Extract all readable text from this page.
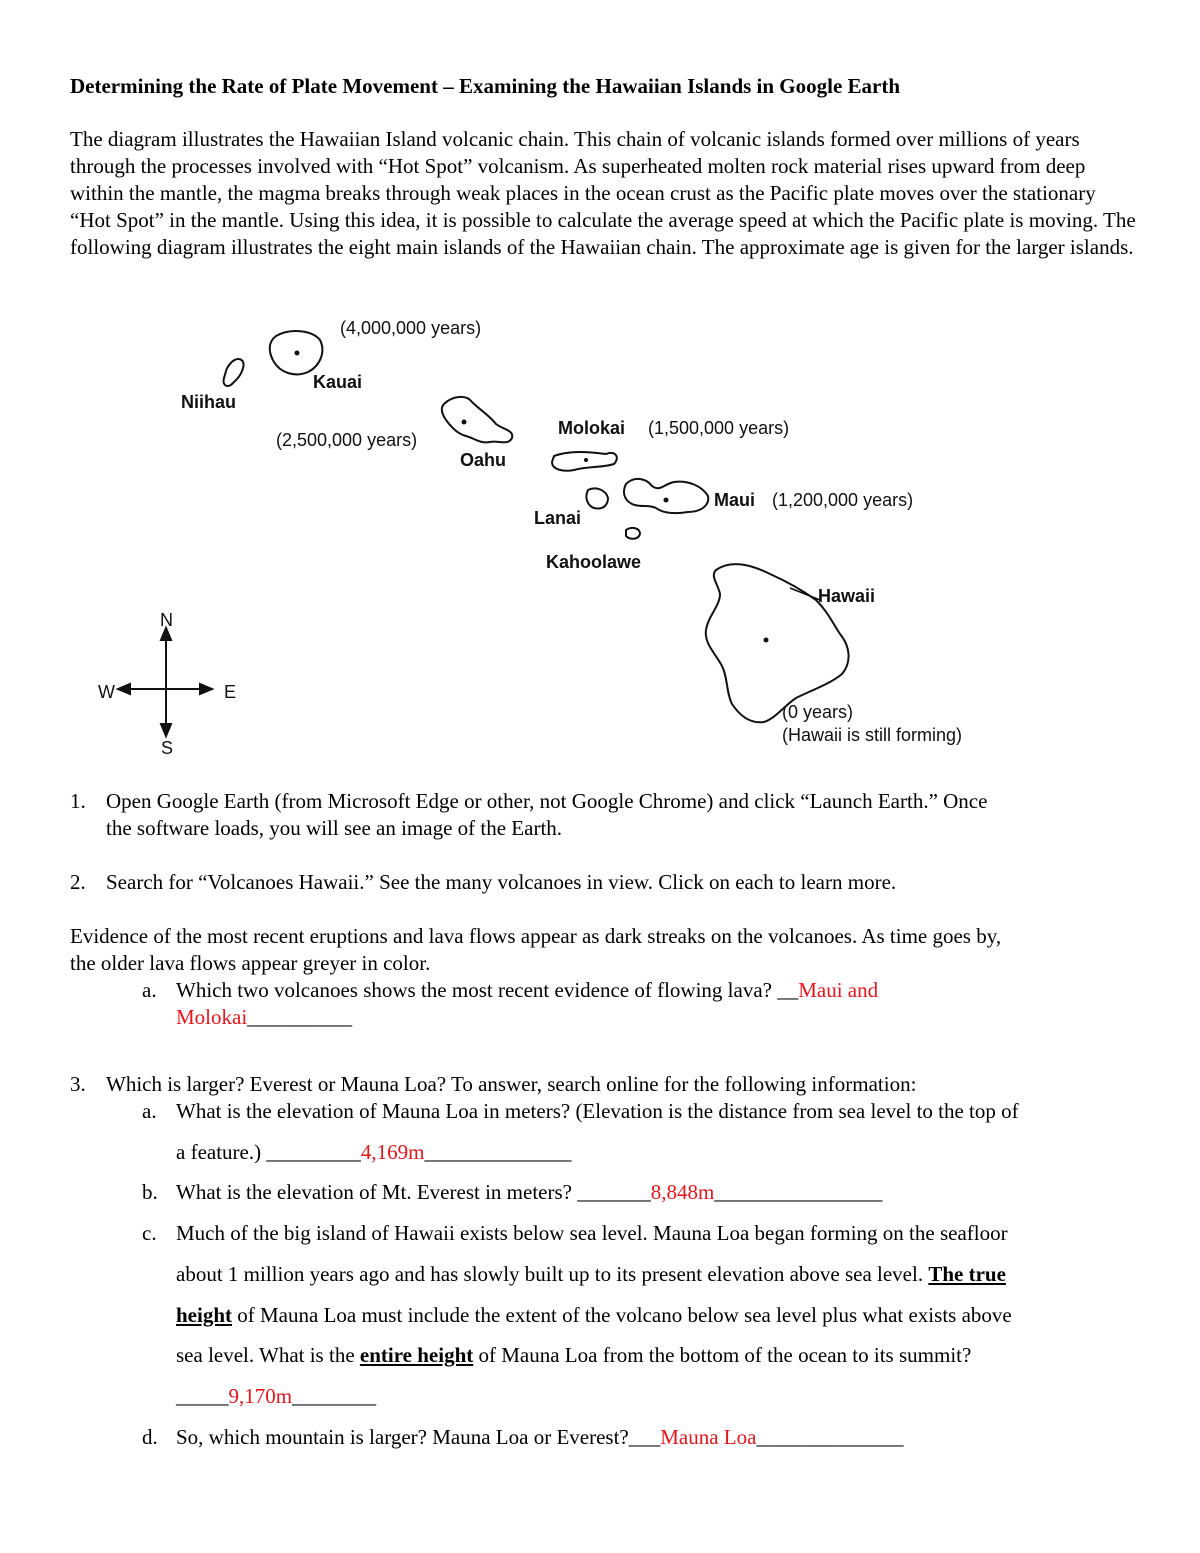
Determining the Rate of Plate Movement – Examining the Hawaiian Islands in Google Earth
The diagram illustrates the Hawaiian Island volcanic chain. This chain of volcanic islands formed over millions of years through the processes involved with “Hot Spot” volcanism. As superheated molten rock material rises upward from deep within the mantle, the magma breaks through weak places in the ocean crust as the Pacific plate moves over the stationary “Hot Spot” in the mantle. Using this idea, it is possible to calculate the average speed at which the Pacific plate is moving. The following diagram illustrates the eight main islands of the Hawaiian chain. The approximate age is given for the larger islands.
(4,000,000 years)
Kauai
Niihau
(2,500,000 years)
Oahu
Molokai (1,500,000 years)
Lanai
Maui (1,200,000 years)
Kahoolawe
Hawaii
(0 years)
(Hawaii is still forming)
N
S
E
W
1. Open Google Earth (from Microsoft Edge or other, not Google Chrome) and click “Launch Earth.” Once
the software loads, you will see an image of the Earth.
2. Search for “Volcanoes Hawaii.” See the many volcanoes in view. Click on each to learn more.
Evidence of the most recent eruptions and lava flows appear as dark streaks on the volcanoes. As time goes by,
the older lava flows appear greyer in color.
a. Which two volcanoes shows the most recent evidence of flowing lava? __Maui and
Molokai__________
3. Which is larger? Everest or Mauna Loa? To answer, search online for the following information:
a. What is the elevation of Mauna Loa in meters? (Elevation is the distance from sea level to the top of
a feature.) _________4,169m______________
b. What is the elevation of Mt. Everest in meters? _______8,848m________________
c. Much of the big island of Hawaii exists below sea level. Mauna Loa began forming on the seafloor
about 1 million years ago and has slowly built up to its present elevation above sea level. The true
height of Mauna Loa must include the extent of the volcano below sea level plus what exists above
sea level. What is the entire height of Mauna Loa from the bottom of the ocean to its summit?
_____9,170m________
d. So, which mountain is larger? Mauna Loa or Everest?___Mauna Loa______________
